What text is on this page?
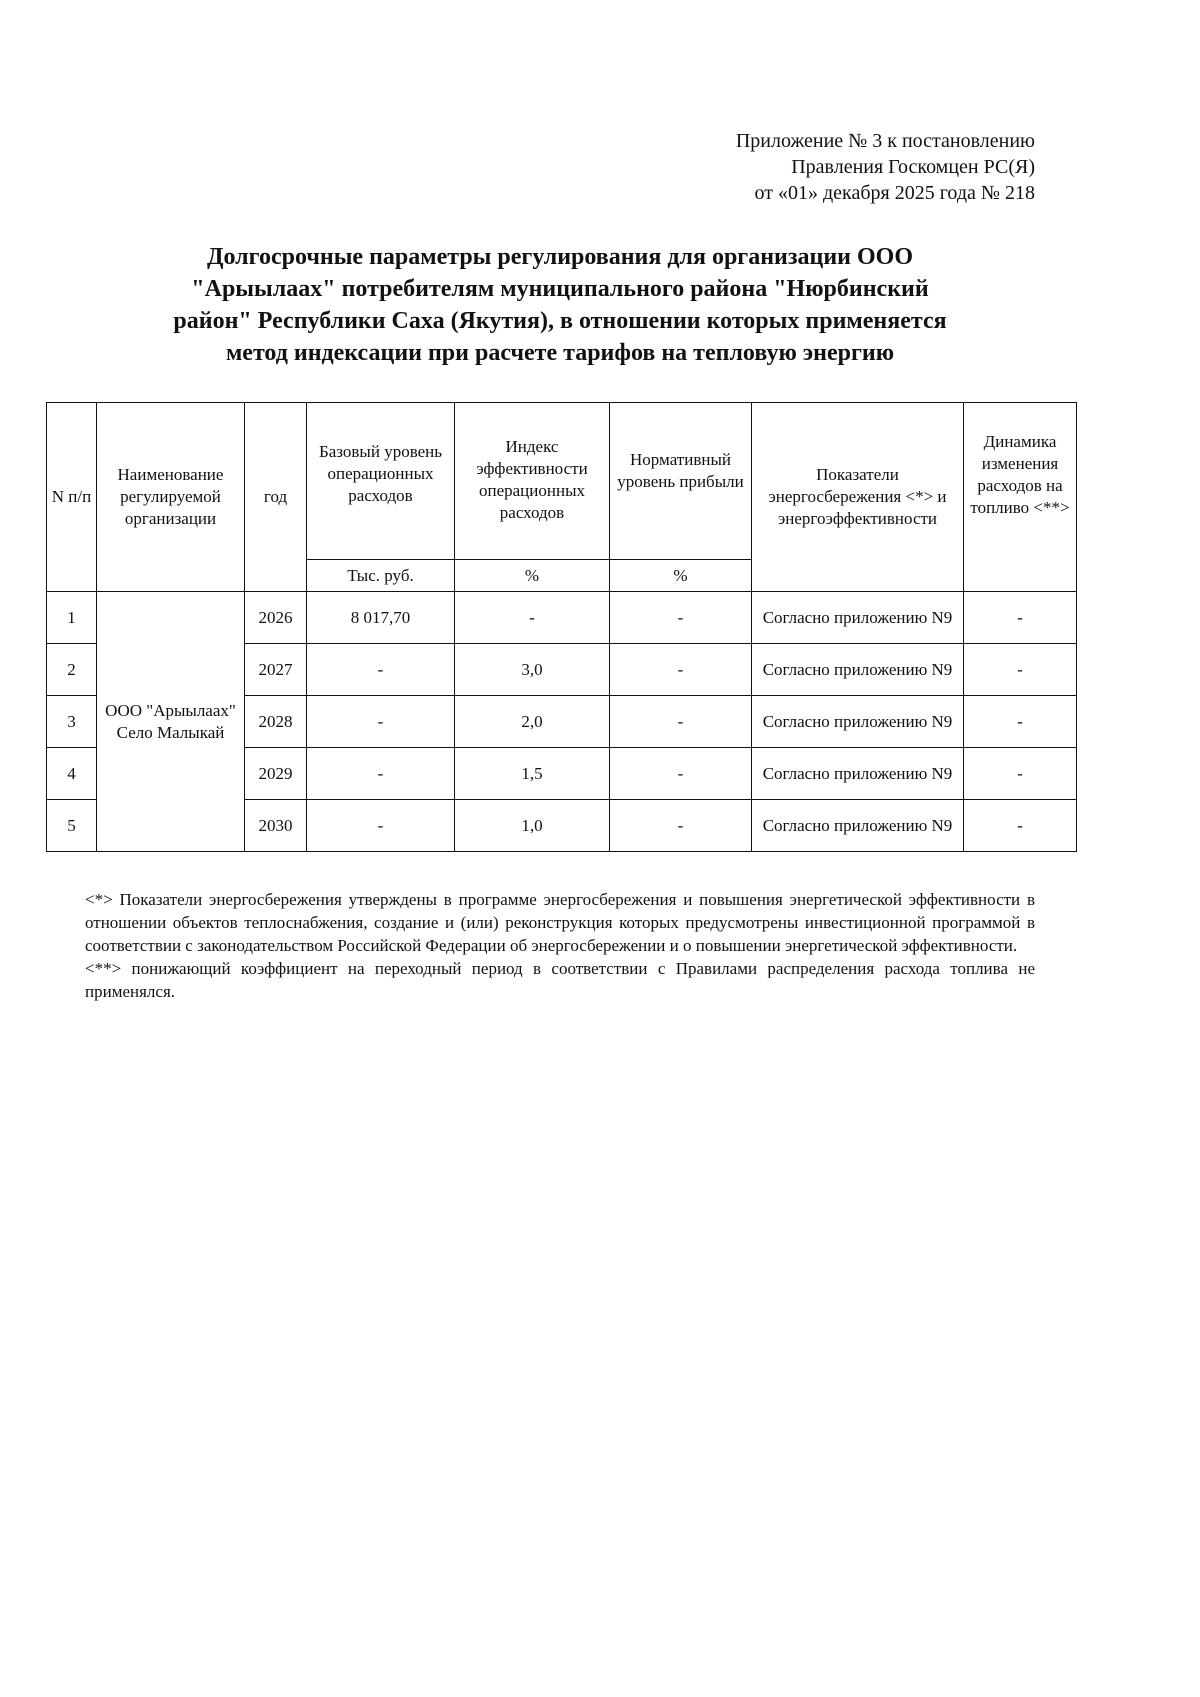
Приложение № 3 к постановлению
Правления Госкомцен РС(Я)
от «01» декабря 2025 года № 218
Долгосрочные параметры регулирования для организации ООО
"Арыылаах" потребителям муниципального района "Нюрбинский
район" Республики Саха (Якутия), в отношении которых применяется
метод индексации при расчете тарифов на тепловую энергию
N п/п	Наименование регулируемой организации	год	Базовый уровень операционных расходов	Индекс эффективности операционных расходов	Нормативный уровень прибыли	Показатели энергосбережения <*> и энергоэффективности	Динамика изменения расходов на топливо <**>
			Тыс. руб.	%	%		
1	ООО "Арыылаах" Село Малыкай	2026	8 017,70	-	-	Согласно приложению N9	-
2		2027	-	3,0	-	Согласно приложению N9	-
3		2028	-	2,0	-	Согласно приложению N9	-
4		2029	-	1,5	-	Согласно приложению N9	-
5		2030	-	1,0	-	Согласно приложению N9	-

<*> Показатели энергосбережения утверждены в программе энергосбережения и повышения энергетической эффективности в отношении объектов теплоснабжения, создание и (или) реконструкция которых предусмотрены инвестиционной программой в соответствии с законодательством Российской Федерации об энергосбережении и о повышении энергетической эффективности.

<**> понижающий коэффициент на переходный период в соответствии с Правилами распределения расхода топлива не применялся.
